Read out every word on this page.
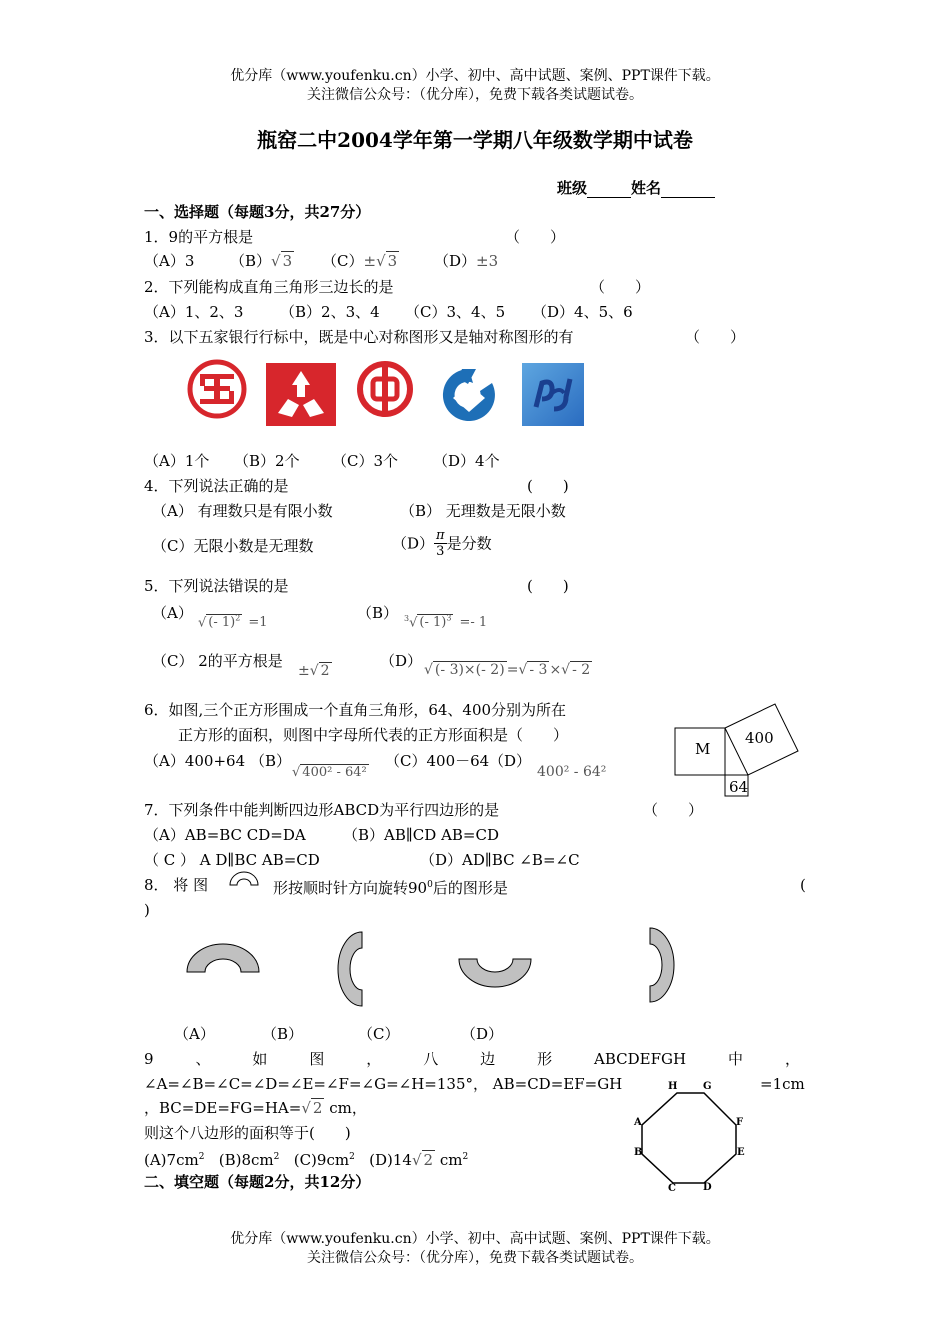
优分库（www.youfenku.cn）小学、初中、高中试题、案例、PPT课件下载。
关注微信公众号：（优分库），免费下载各类试题试卷。
瓶窑二中2004学年第一学期八年级数学期中试卷
班级	姓名
一、选择题（每题3分，共27分）
1．9的平方根是	（　　）
（A）3 （B）√ 3 （C）±√ 3 （D）±3
2．下列能构成直角三角形三边长的是	（　　）
（A）1、2、3 （B）2、3、4 （C）3、4、5 （D）4、5、6
3．以下五家银行行标中，既是中心对称图形又是轴对称图形的有	（　　）
（A）1个 （B）2个 （C）3个 （D）4个
4．下列说法正确的是	(　　)
（A） 有理数只是有限小数	（B） 无理数是无限小数
（C）无限小数是无理数	$(D) \frac{\pi}{3}$ 是分数
5．下列说法错误的是	(　　)
（A）
√ (- 1)$^2$ =1
（B） $^3$√ (- 1)$^3$ =- 1
（C） 2的平方根是
±√ 2
（D） √ (- 3)×(- 2) =√ - 3 ×√ - 2
6．如图,三个正方形围成一个直角三角形，64、400分别为所在
正方形的面积，则图中字母所代表的正方形面积是（　　）
（A）400+64 （B）
√ 400² - 64²
（C）400－64 （D）
400² - 64²
M
400
64
7．下列条件中能判断四边形ABCD为平行四边形的是	（　　）
（A）AB=BC CD=DA （B）AB∥CD AB=CD
（ C ） A D∥BC AB=CD	（D）AD∥BC ∠B=∠C
8． 将 图	形按顺时针方向旋转$90^0$后的图形是	(
)
（A）	（B）	（C）	（D）
9	、	如	图	，	八	边	形	ABCDEFGH	中	，
∠A=∠B=∠C=∠D=∠E=∠F=∠G=∠H=135°， AB=CD=EF=GH	=1cm
，BC=DE=FG=HA=√ 2 cm，
则这个八边形的面积等于(　　)
$(A)7cm^2$ $(B)8cm^2$ $(C)9cm^2$ (D)14√ 2 $cm^2$
H	G
A	F
B	E
C	D
二、填空题（每题2分，共12分）
优分库（www.youfenku.cn）小学、初中、高中试题、案例、PPT课件下载。
关注微信公众号：（优分库），免费下载各类试题试卷。
